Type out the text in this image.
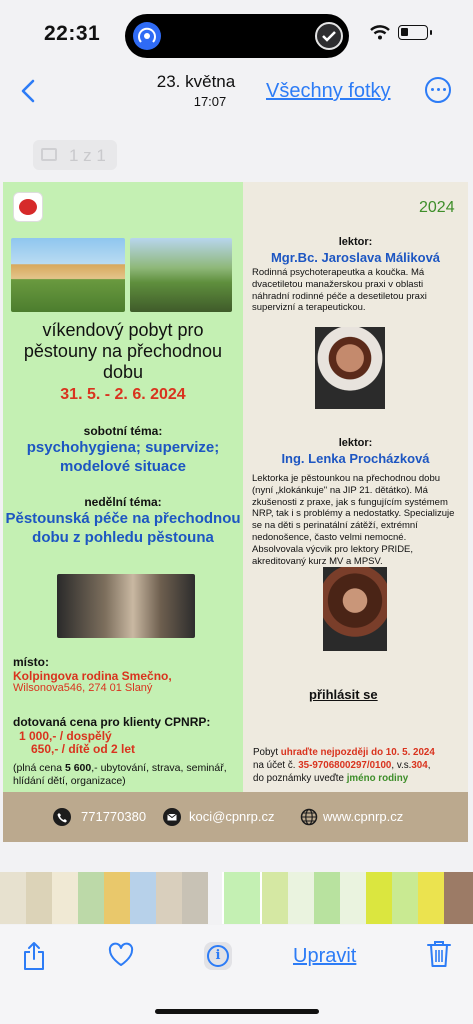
22:31
23. května
17:07	Všechny fotky
1 z 1
víkendový pobyt pro pěstouny na přechodnou dobu
31. 5. - 2. 6. 2024
sobotní téma:
psychohygiena; supervize; modelové situace
nedělní téma:
Pěstounská péče na přechodnou dobu z pohledu pěstouna
místo:
Kolpingova rodina Smečno,
Wilsonova546, 274 01 Slaný
dotovaná cena pro klienty CPNRP:
1 000,- / dospělý
650,- / dítě od 2 let
(plná cena 5 600,- ubytování, strava, seminář, hlídání dětí, organizace)
2024
lektor:
Mgr.Bc. Jaroslava Máliková
Rodinná psychoterapeutka a koučka. Má dvacetiletou manažerskou praxi v oblasti náhradní rodinné péče a desetiletou praxi supervizní a terapeutickou.
lektor:
Ing. Lenka Procházková
Lektorka je pěstounkou na přechodnou dobu (nyní „klokánkuje" na JIP 21. dětátko). Má zkušenosti z praxe, jak s fungujícím systémem NRP, tak i s problémy a nedostatky. Specializuje se na děti s perinatální zátěží, extrémní nedonošence, často velmi nemocné. Absolvovala výcvik pro lektory PRIDE, akreditovaný kurz MV a MPSV.
přihlásit se
Pobyt uhraďte nejpozději do 10. 5. 2024
na účet č. 35-9706800297/0100, v.s.304,
do poznámky uveďte jméno rodiny
771770380	koci@cpnrp.cz	www.cpnrp.cz
i	Upravit
